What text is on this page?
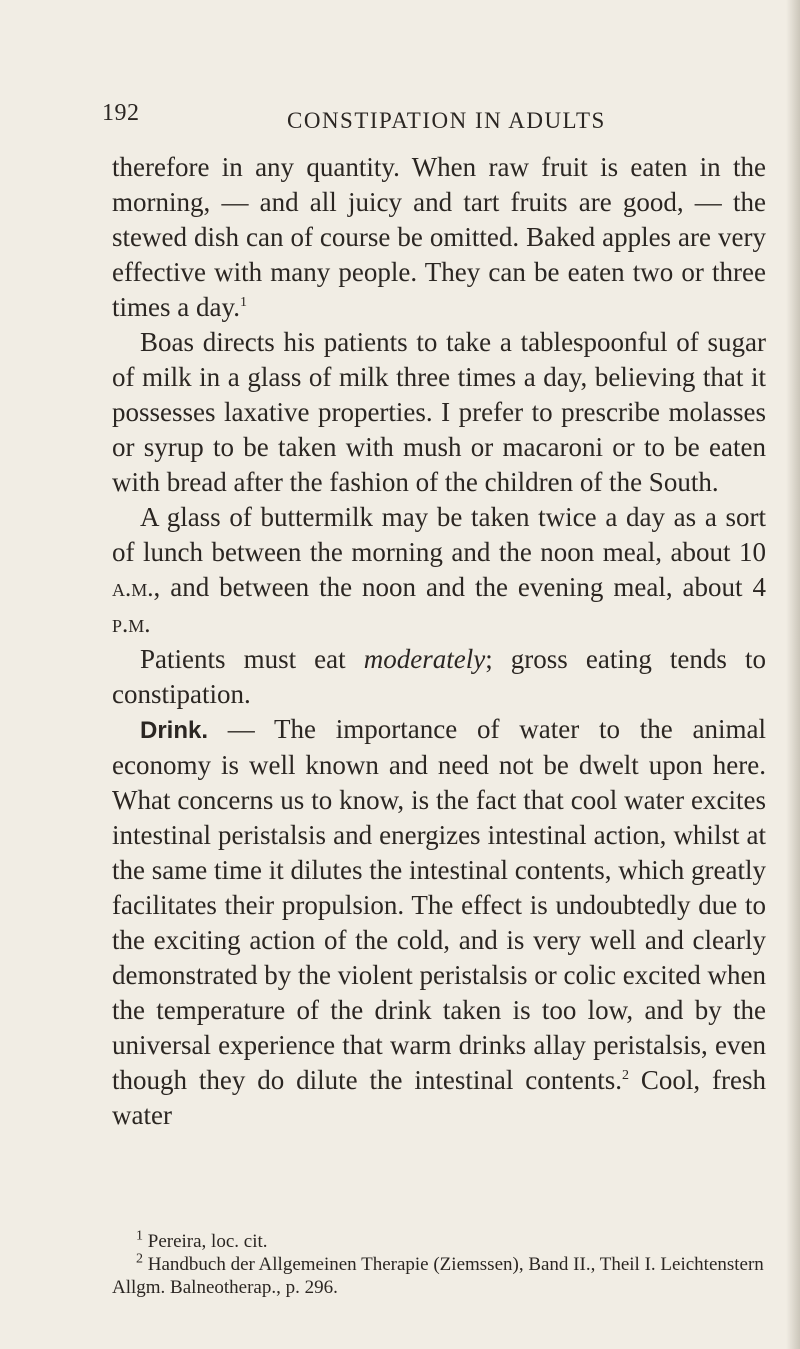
192	CONSTIPATION IN ADULTS

therefore in any quantity. When raw fruit is eaten in the morning, — and all juicy and tart fruits are good, — the stewed dish can of course be omitted. Baked apples are very effective with many people. They can be eaten two or three times a day.$^1$

Boas directs his patients to take a tablespoonful of sugar of milk in a glass of milk three times a day, believing that it possesses laxative properties. I prefer to prescribe molasses or syrup to be taken with mush or macaroni or to be eaten with bread after the fashion of the children of the South.

A glass of buttermilk may be taken twice a day as a sort of lunch between the morning and the noon meal, about 10 a.m., and between the noon and the evening meal, about 4 p.m.

Patients must eat moderately; gross eating tends to constipation.

Drink. — The importance of water to the animal economy is well known and need not be dwelt upon here. What concerns us to know, is the fact that cool water excites intestinal peristalsis and energizes intestinal action, whilst at the same time it dilutes the intestinal contents, which greatly facilitates their propulsion. The effect is undoubtedly due to the exciting action of the cold, and is very well and clearly demonstrated by the violent peristalsis or colic excited when the temperature of the drink taken is too low, and by the universal experience that warm drinks allay peristalsis, even though they do dilute the intestinal contents.$^2$ Cool, fresh water

$^1$ Pereira, loc. cit.

$^2$ Handbuch der Allgemeinen Therapie (Ziemssen), Band II., Theil I. Leichtenstern Allgm. Balneotherap., p. 296.
